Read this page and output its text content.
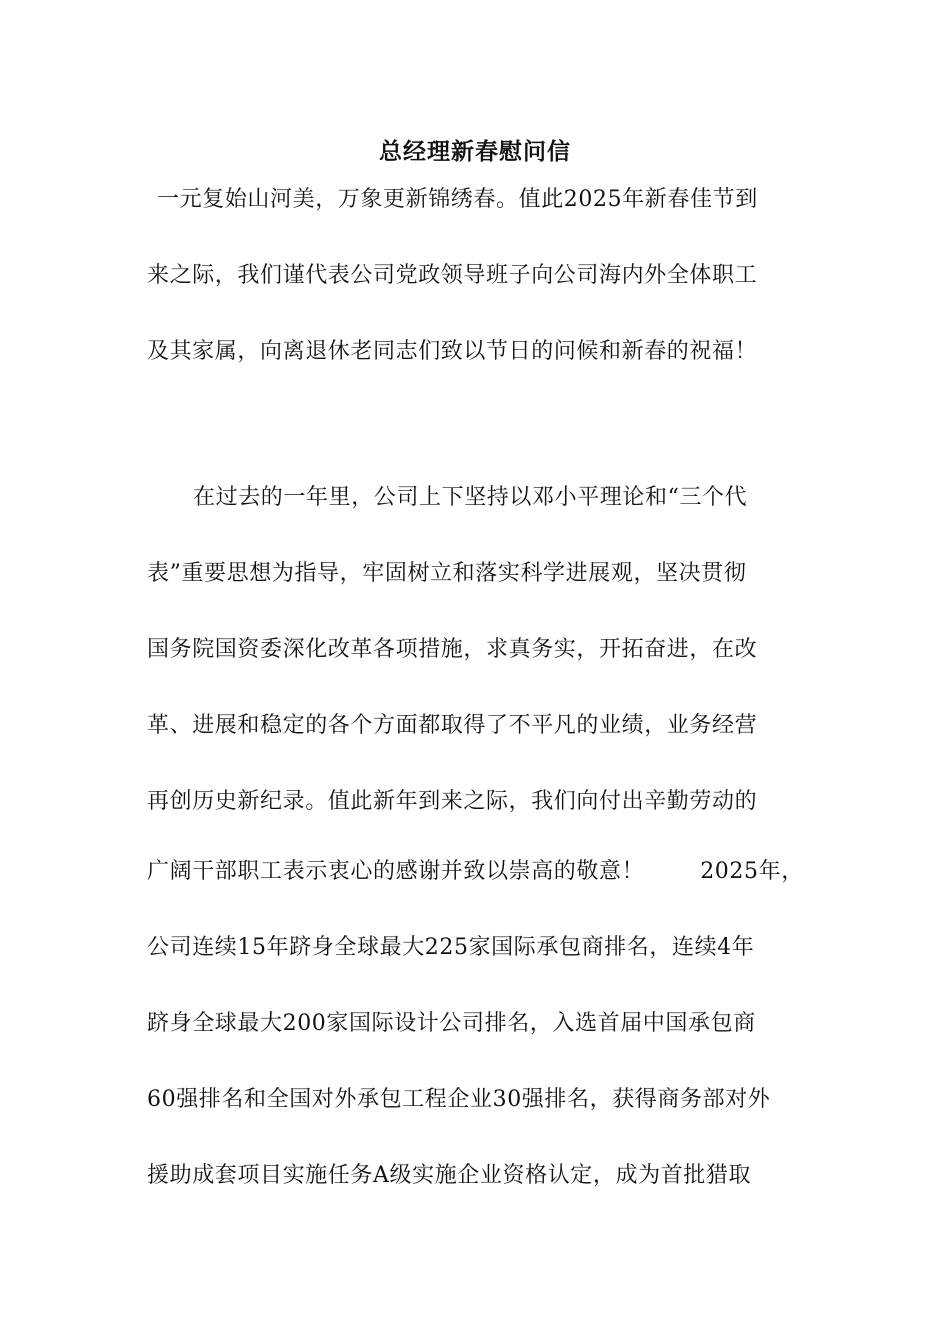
总经理新春慰问信
一元复始山河美，万象更新锦绣春。值此2025年新春佳节到
来之际，我们谨代表公司党政领导班子向公司海内外全体职工
及其家属，向离退休老同志们致以节日的问候和新春的祝福！
在过去的一年里，公司上下坚持以邓小平理论和“三个代
表”重要思想为指导，牢固树立和落实科学进展观，坚决贯彻
国务院国资委深化改革各项措施，求真务实，开拓奋进，在改
革、进展和稳定的各个方面都取得了不平凡的业绩，业务经营
再创历史新纪录。值此新年到来之际，我们向付出辛勤劳动的
广阔干部职工表示衷心的感谢并致以崇高的敬意！	2025年，
公司连续15年跻身全球最大225家国际承包商排名，连续4年
跻身全球最大200家国际设计公司排名，入选首届中国承包商
60强排名和全国对外承包工程企业30强排名，获得商务部对外
援助成套项目实施任务A级实施企业资格认定，成为首批猎取
